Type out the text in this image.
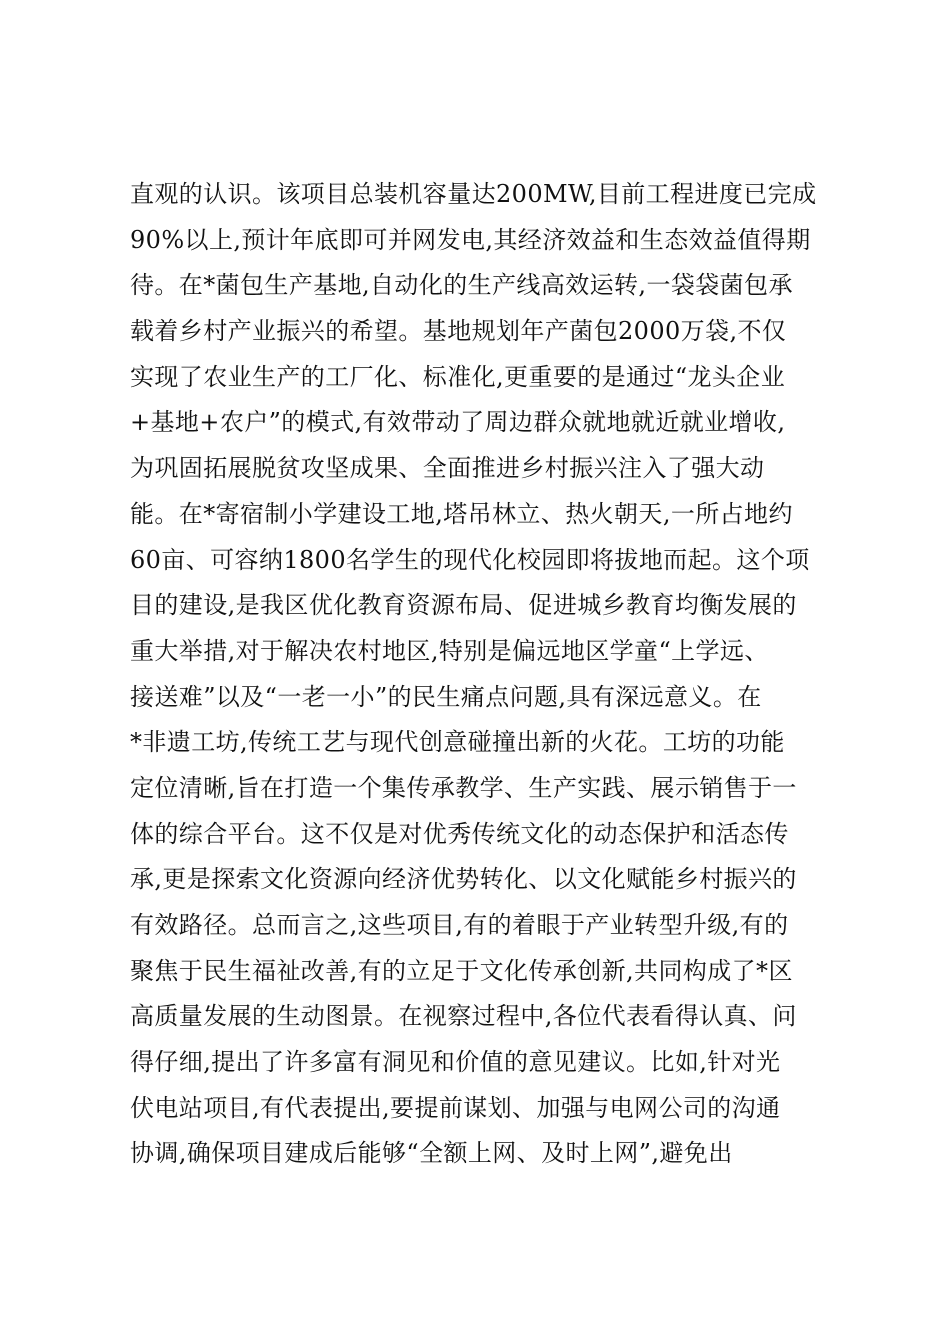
直观的认识。该项目总装机容量达200MW,目前工程进度已完成
90%以上,预计年底即可并网发电,其经济效益和生态效益值得期
待。在*菌包生产基地,自动化的生产线高效运转,一袋袋菌包承
载着乡村产业振兴的希望。基地规划年产菌包2000万袋,不仅
实现了农业生产的工厂化、标准化,更重要的是通过“龙头企业
+基地+农户”的模式,有效带动了周边群众就地就近就业增收,
为巩固拓展脱贫攻坚成果、全面推进乡村振兴注入了强大动
能。在*寄宿制小学建设工地,塔吊林立、热火朝天,一所占地约
60亩、可容纳1800名学生的现代化校园即将拔地而起。这个项
目的建设,是我区优化教育资源布局、促进城乡教育均衡发展的
重大举措,对于解决农村地区,特别是偏远地区学童“上学远、
接送难”以及“一老一小”的民生痛点问题,具有深远意义。在
*非遗工坊,传统工艺与现代创意碰撞出新的火花。工坊的功能
定位清晰,旨在打造一个集传承教学、生产实践、展示销售于一
体的综合平台。这不仅是对优秀传统文化的动态保护和活态传
承,更是探索文化资源向经济优势转化、以文化赋能乡村振兴的
有效路径。总而言之,这些项目,有的着眼于产业转型升级,有的
聚焦于民生福祉改善,有的立足于文化传承创新,共同构成了*区
高质量发展的生动图景。在视察过程中,各位代表看得认真、问
得仔细,提出了许多富有洞见和价值的意见建议。比如,针对光
伏电站项目,有代表提出,要提前谋划、加强与电网公司的沟通
协调,确保项目建成后能够“全额上网、及时上网”,避免出
